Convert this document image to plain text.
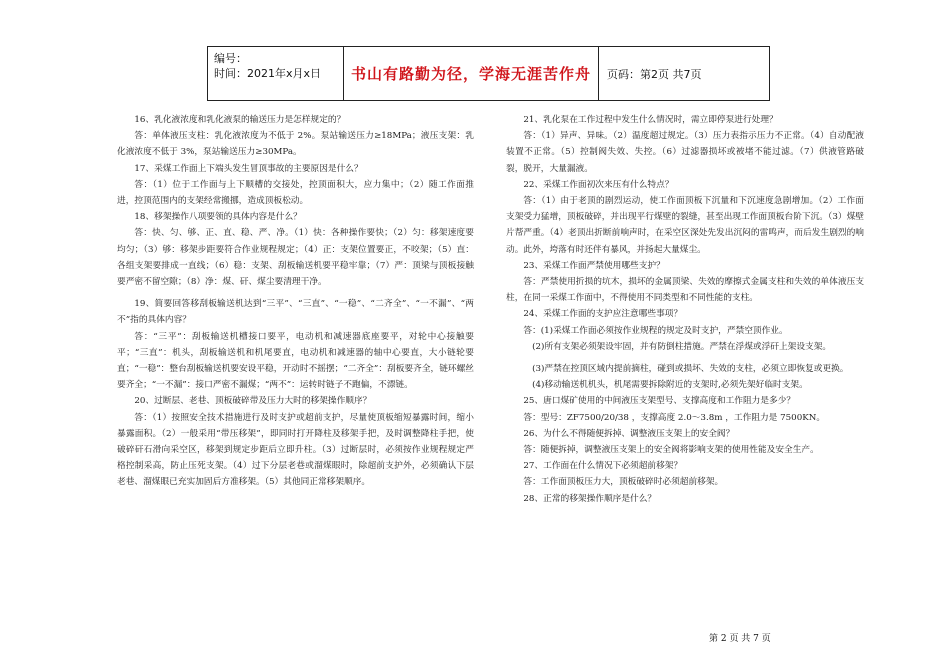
编号：
时间：2021年x月x日	书山有路勤为径，学海无涯苦作舟	页码：第2页 共7页

16、乳化液浓度和乳化液泵的输送压力是怎样规定的？

答：单体液压支柱：乳化液浓度为不低于 2%。泵站输送压力≥18MPa；液压支架：乳化液浓度不低于 3%，泵站输送压力≥30MPa。

17、采煤工作面上下端头发生冒顶事故的主要原因是什么？

答：（1）位于工作面与上下顺槽的交接处，控顶面积大，应力集中；（2）随工作面推进，控顶范围内的支架经常搬挪，造成顶板松动。

18、移架操作八项要领的具体内容是什么？

答：快、匀、够、正、直、稳、严、净。（1）快：各种操作要快；（2）匀：移架速度要均匀；（3）够：移架步距要符合作业规程规定；（4）正：支架位置要正，不咬架；（5）直：各组支架要排成一直线；（6）稳：支架、刮板输送机要平稳牢靠；（7）严：顶梁与顶板接触要严密不留空隙；（8）净：煤、矸、煤尘要清理干净。

19、简要回答移刮板输送机达到“三平”、“三直”、“一稳”、“二齐全”、“一不漏”、“两不”指的具体内容？

答：“三平”：刮板输送机槽接口要平，电动机和减速器底座要平，对轮中心接触要平；“三直”：机头，刮板输送机和机尾要直，电动机和减速器的轴中心要直，大小链轮要直；“一稳”：整台刮板输送机要安设平稳，开动时不摇摆；“二齐全”：刮板要齐全，链环螺丝要齐全；“一不漏”：接口严密不漏煤；“两不”：运转时链子不跑偏，不漂链。

20、过断层、老巷、顶板破碎带及压力大时的移架操作顺序？

答：（1）按照安全技术措施进行及时支护或超前支护，尽量使顶板缩短暴露时间，缩小暴露面积。（2）一般采用“带压移架”，即同时打开降柱及移架手把，及时调整降柱手把，使破碎矸石滑向采空区，移架到规定步距后立即升柱。（3）过断层时，必须按作业规程规定严格控制采高，防止压死支架。（4）过下分层老巷或溜煤眼时，除超前支护外，必须确认下层老巷、溜煤眼已充实加固后方准移架。（5）其他同正常移架顺序。

21、乳化泵在工作过程中发生什么情况时，需立即停泵进行处理？

答：（1）异声、异味。（2）温度超过规定。（3）压力表指示压力不正常。（4）自动配液装置不正常。（5）控制阀失效、失控。（6）过滤器损坏或被堵不能过滤。（7）供液管路破裂，脱开，大量漏液。

22、采煤工作面初次来压有什么特点？

答：（1）由于老顶的剧烈运动，使工作面顶板下沉量和下沉速度急剧增加。（2）工作面支架受力猛增，顶板破碎，并出现平行煤壁的裂缝，甚至出现工作面顶板台阶下沉。（3）煤壁片帮严重。（4）老顶出折断前响声时，在采空区深处先发出沉闷的雷鸣声，而后发生剧烈的响动。此外，垮落有时还伴有暴风，并扬起大量煤尘。

23、采煤工作面严禁使用哪些支护？

答：严禁使用折损的坑木，损坏的金属顶梁、失效的摩擦式金属支柱和失效的单体液压支柱，在同一采煤工作面中，不得使用不同类型和不同性能的支柱。

24、采煤工作面的支护应注意哪些事项？

答：(1)采煤工作面必须按作业规程的规定及时支护，严禁空顶作业。

(2)所有支架必须架设牢固，并有防倒柱措施。严禁在浮煤或浮矸上架设支架。

(3)严禁在控顶区域内提前摘柱，碰到或损坏、失效的支柱，必须立即恢复或更换。

(4)移动输送机机头，机尾需要拆除附近的支架时,必须先架好临时支架。

25、唐口煤矿使用的中间液压支架型号、支撑高度和工作阻力是多少？

答：型号：ZF7500/20/38 ，支撑高度 2.0～3.8m ，工作阻力是 7500KN。

26、为什么不得随便拆掉、调整液压支架上的安全阀？

答：随便拆掉，调整液压支架上的安全阀将影响支架的使用性能及安全生产。

27、工作面在什么情况下必须超前移架？

答：工作面顶板压力大，顶板破碎时必须超前移架。

28、正常的移架操作顺序是什么？

第 2 页 共 7 页
